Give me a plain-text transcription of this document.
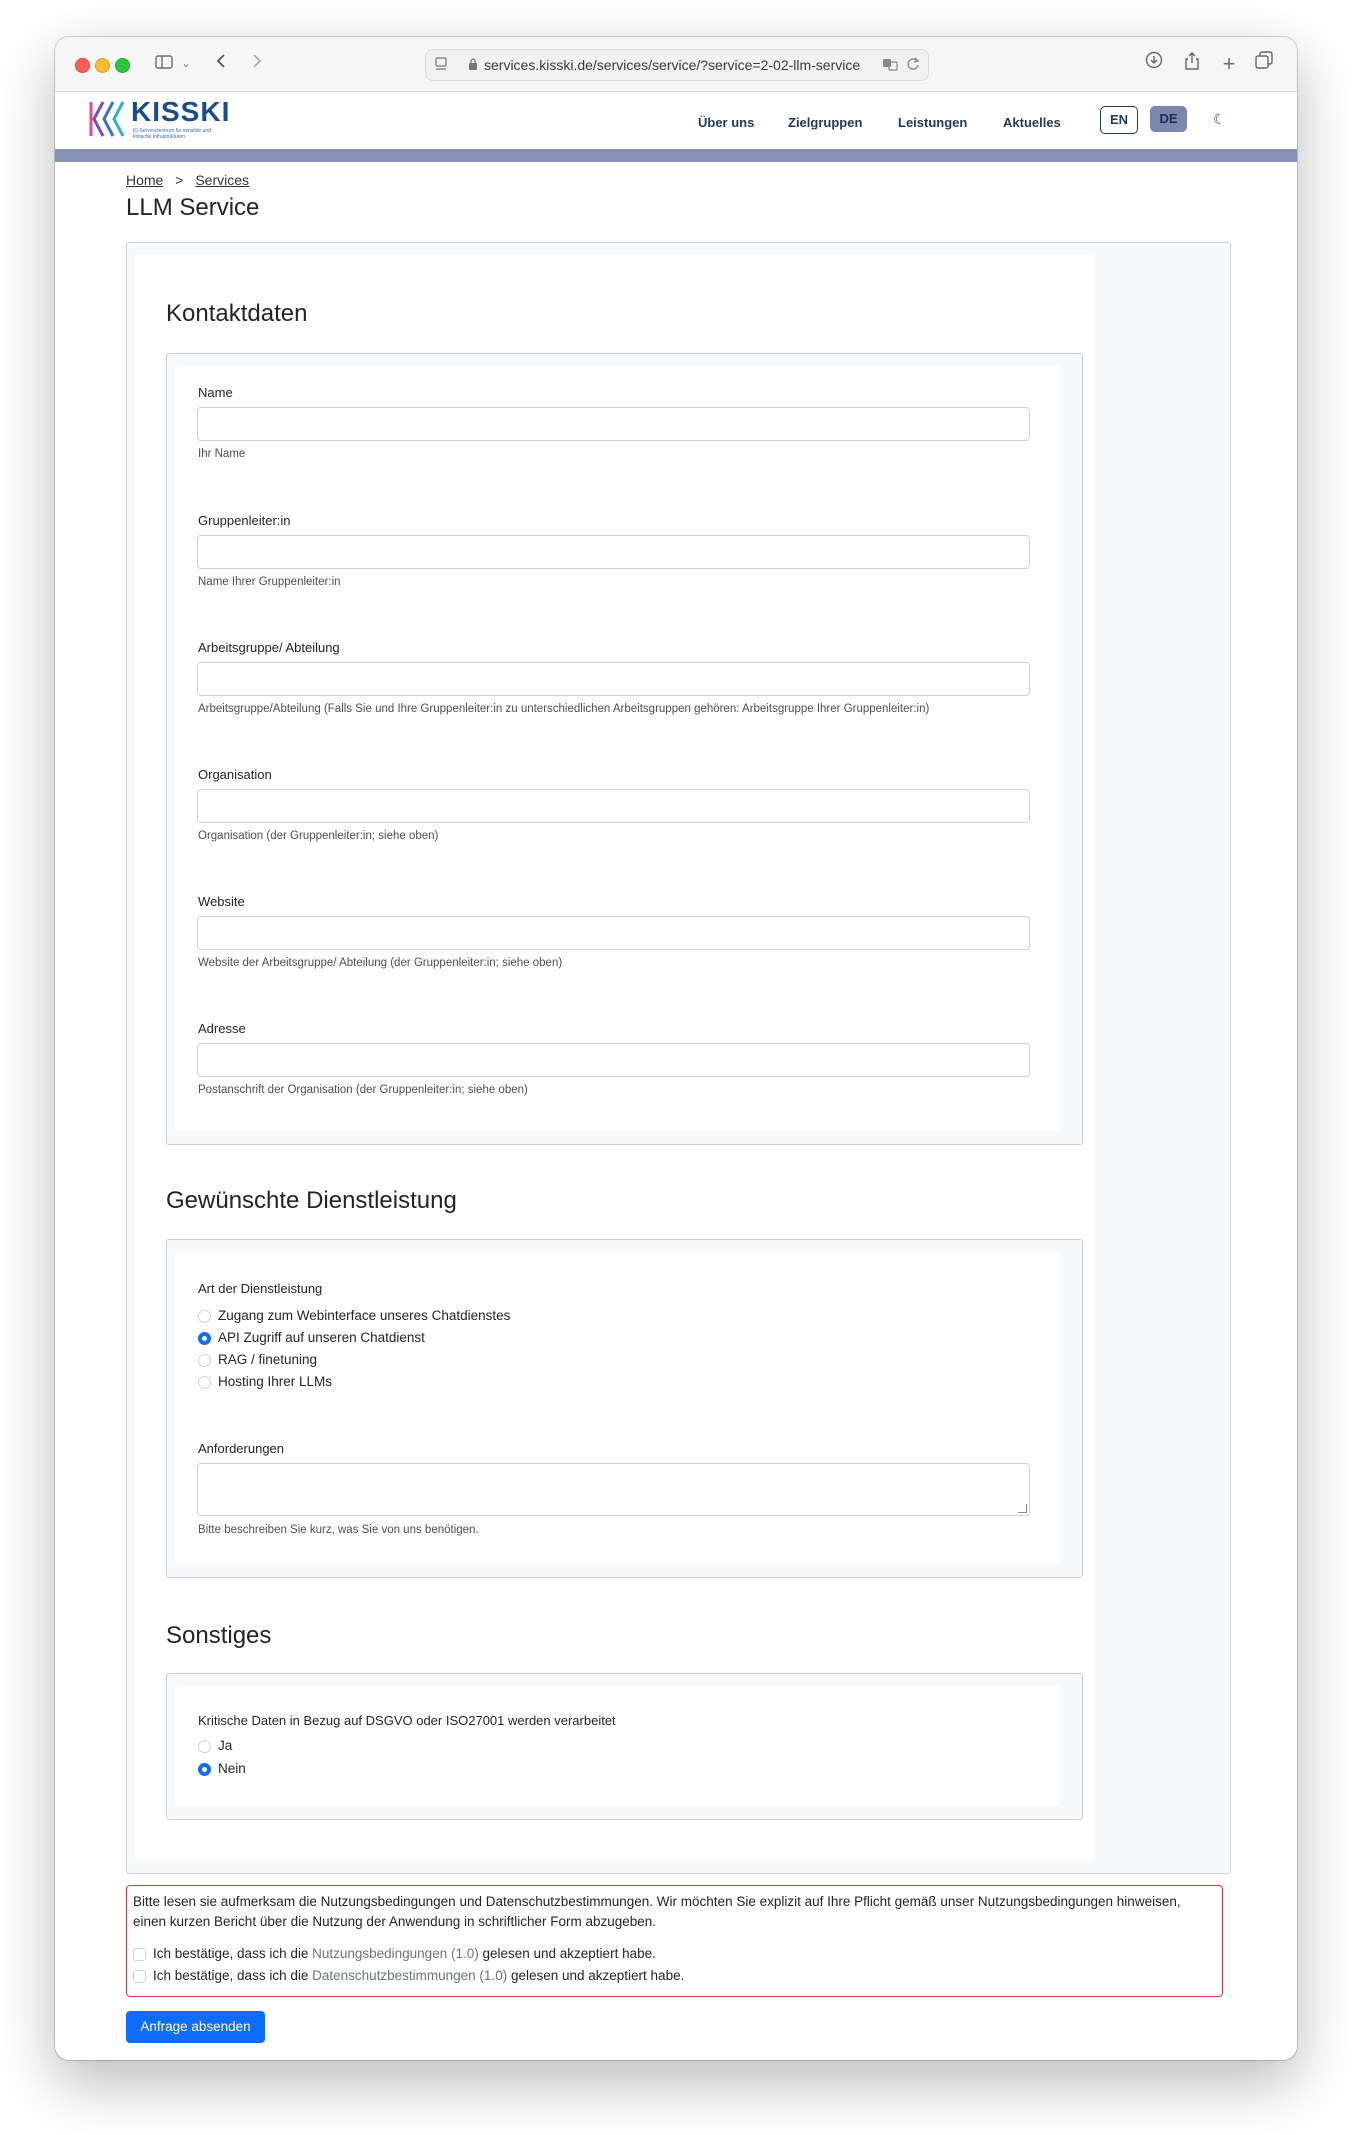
⌄	services.kisski.de/services/service/?service=2-02-llm-service	+
KISSKI
KI-Servicezentrum für sensible und kritische Infrastrukturen
Über uns	Zielgruppen	Leistungen	Aktuelles	EN	DE	☾
Home > Services
LLM Service
Kontaktdaten
Name
Ihr Name
Gruppenleiter:in
Name Ihrer Gruppenleiter:in
Arbeitsgruppe/ Abteilung
Arbeitsgruppe/Abteilung (Falls Sie und Ihre Gruppenleiter:in zu unterschiedlichen Arbeitsgruppen gehören: Arbeitsgruppe Ihrer Gruppenleiter:in)
Organisation
Organisation (der Gruppenleiter:in; siehe oben)
Website
Website der Arbeitsgruppe/ Abteilung (der Gruppenleiter:in; siehe oben)
Adresse
Postanschrift der Organisation (der Gruppenleiter:in; siehe oben)
Gewünschte Dienstleistung
Art der Dienstleistung
Zugang zum Webinterface unseres Chatdienstes
API Zugriff auf unseren Chatdienst
RAG / finetuning
Hosting Ihrer LLMs
Anforderungen
Bitte beschreiben Sie kurz, was Sie von uns benötigen.
Sonstiges
Kritische Daten in Bezug auf DSGVO oder ISO27001 werden verarbeitet
Ja
Nein
Bitte lesen sie aufmerksam die Nutzungsbedingungen und Datenschutzbestimmungen. Wir möchten Sie explizit auf Ihre Pflicht gemäß unser Nutzungsbedingungen hinweisen, einen kurzen Bericht über die Nutzung der Anwendung in schriftlicher Form abzugeben.
Ich bestätige, dass ich die Nutzungsbedingungen (1.0) gelesen und akzeptiert habe.
Ich bestätige, dass ich die Datenschutzbestimmungen (1.0) gelesen und akzeptiert habe.
Anfrage absenden
